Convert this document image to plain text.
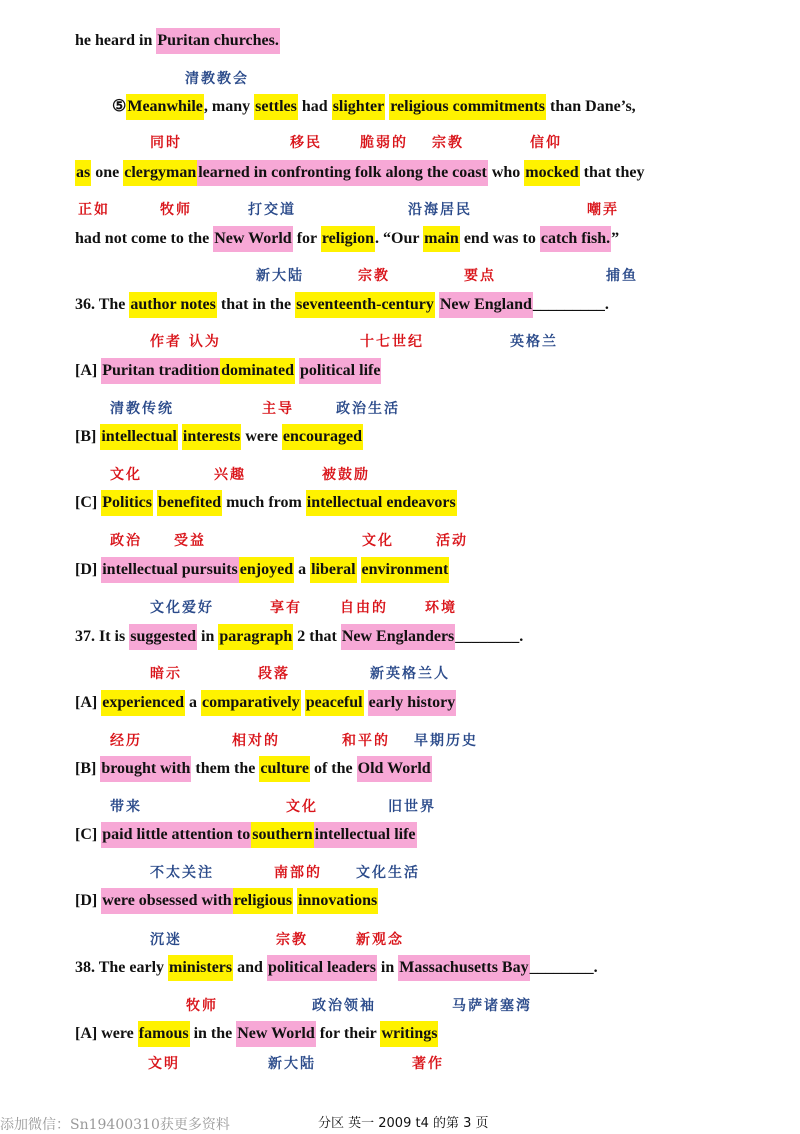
he heard in Puritan churches.
⑤Meanwhile, many settles had slighter religious commitments than Dane’s,
as one clergyman learned in confronting folk along the coast who mocked that they
had not come to the New World for religion. “Our main end was to catch fish.”
36. The author notes that in the seventeenth-century New England_________.
[A] Puritan tradition dominated political life
[B] intellectual interests were encouraged
[C] Politics benefited much from intellectual endeavors
[D] intellectual pursuits enjoyed a liberal environment
37. It is suggested in paragraph 2 that New Englanders________.
[A] experienced a comparatively peaceful early history
[B] brought with them the culture of the Old World
[C] paid little attention to southern intellectual life
[D] were obsessed with religious innovations
38. The early ministers and political leaders in Massachusetts Bay________.
[A] were famous in the New World for their writings
清教教会
同时	移民	脆弱的 宗教	信仰
正如	牧师	打交道	沿海居民	嘲弄
新大陆	宗教	要点	捕鱼
作者 认为	十七世纪	英格兰
清教传统	主导	政治生活
文化	兴趣	被鼓励
政治 受益	文化	活动
文化爱好	享有	自由的	环境
暗示	段落	新英格兰人
经历	相对的	和平的 早期历史
带来	文化	旧世界
不太关注	南部的 文化生活
沉迷	宗教	新观念
牧师	政治领袖	马萨诸塞湾
文明	新大陆	著作
添加微信：Sn19400310获更多资料	分区 英一 2009 t4 的第 3 页
